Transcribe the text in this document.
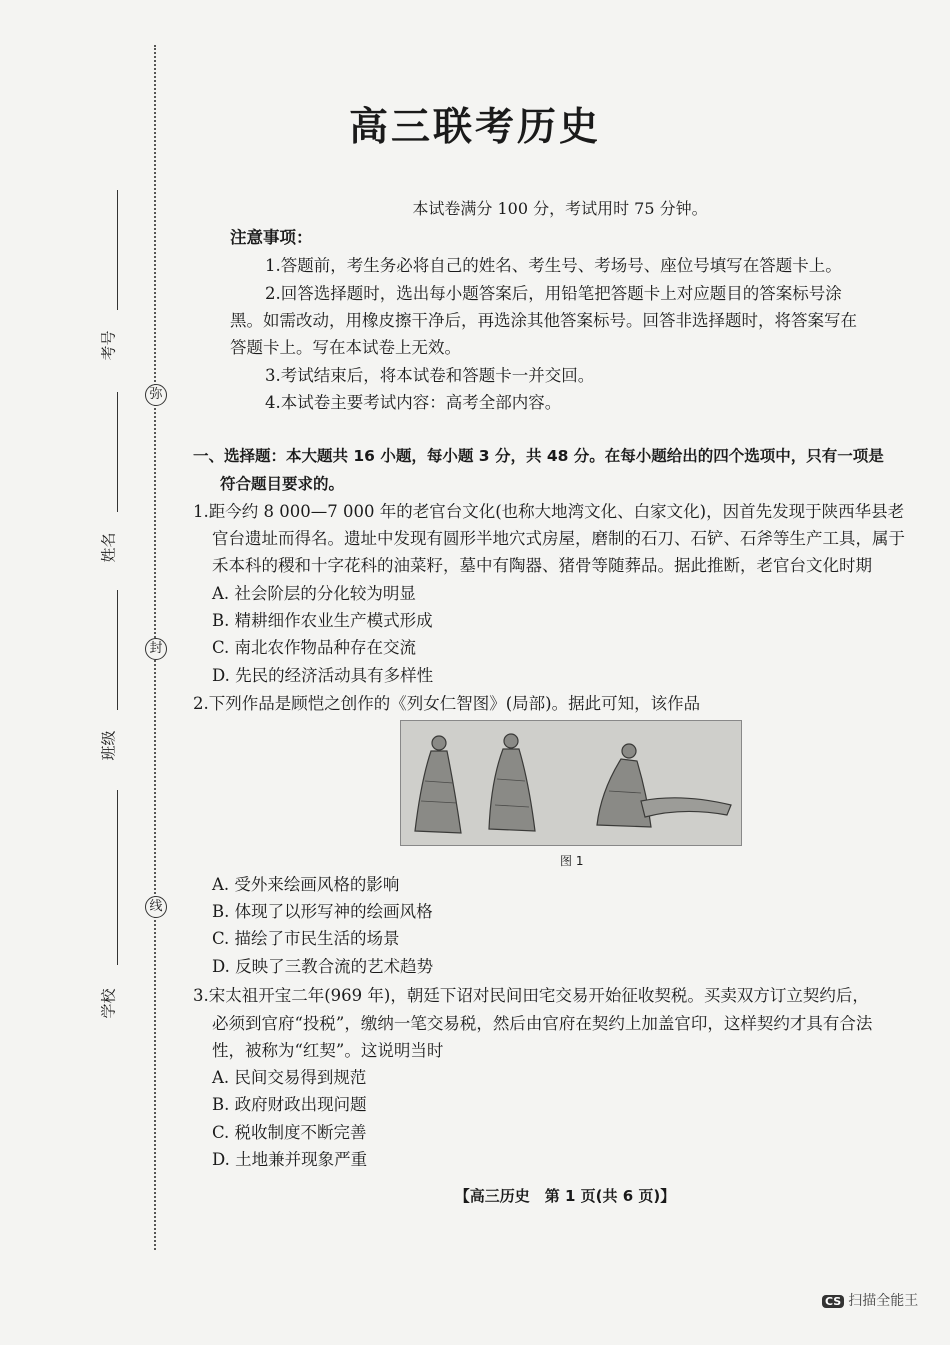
考号
姓名
班级
学校
弥
封
线
高三联考历史
本试卷满分 100 分，考试用时 75 分钟。
注意事项：
1.答题前，考生务必将自己的姓名、考生号、考场号、座位号填写在答题卡上。
2.回答选择题时，选出每小题答案后，用铅笔把答题卡上对应题目的答案标号涂
黑。如需改动，用橡皮擦干净后，再选涂其他答案标号。回答非选择题时，将答案写在
答题卡上。写在本试卷上无效。
3.考试结束后，将本试卷和答题卡一并交回。
4.本试卷主要考试内容：高考全部内容。
一、选择题：本大题共 16 小题，每小题 3 分，共 48 分。在每小题给出的四个选项中，只有一项是
符合题目要求的。
1.距今约 8 000—7 000 年的老官台文化(也称大地湾文化、白家文化)，因首先发现于陕西华县老
官台遗址而得名。遗址中发现有圆形半地穴式房屋，磨制的石刀、石铲、石斧等生产工具，属于
禾本科的稷和十字花科的油菜籽，墓中有陶器、猪骨等随葬品。据此推断，老官台文化时期
A. 社会阶层的分化较为明显
B. 精耕细作农业生产模式形成
C. 南北农作物品种存在交流
D. 先民的经济活动具有多样性
2.下列作品是顾恺之创作的《列女仁智图》(局部)。据此可知，该作品
图 1
A. 受外来绘画风格的影响
B. 体现了以形写神的绘画风格
C. 描绘了市民生活的场景
D. 反映了三教合流的艺术趋势
3.宋太祖开宝二年(969 年)，朝廷下诏对民间田宅交易开始征收契税。买卖双方订立契约后，
必须到官府“投税”，缴纳一笔交易税，然后由官府在契约上加盖官印，这样契约才具有合法
性，被称为“红契”。这说明当时
A. 民间交易得到规范
B. 政府财政出现问题
C. 税收制度不断完善
D. 土地兼并现象严重
【高三历史　第 1 页(共 6 页)】
CS 扫描全能王
